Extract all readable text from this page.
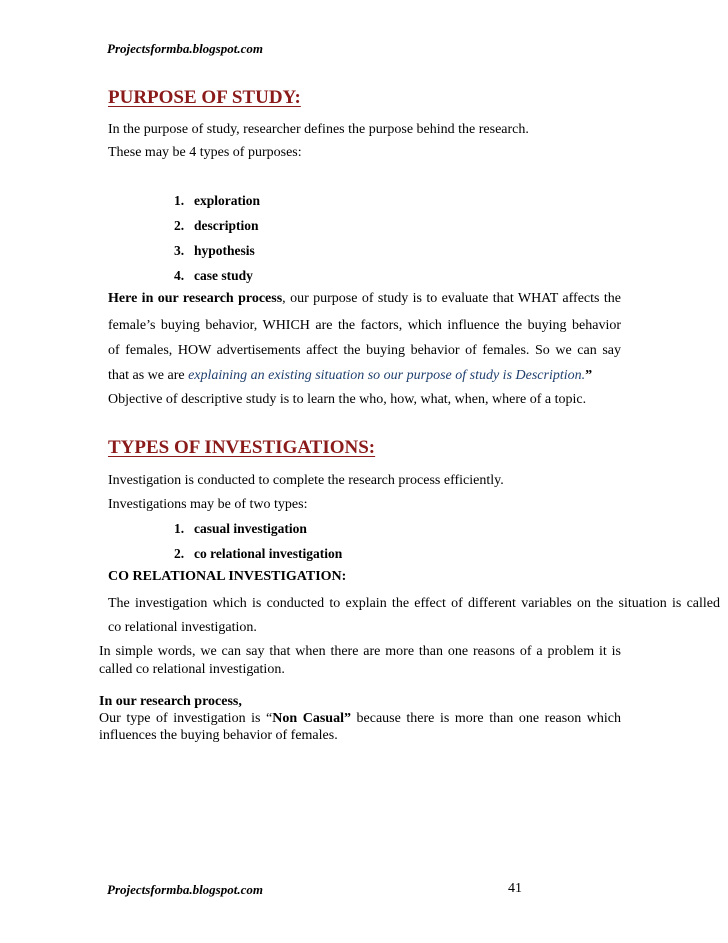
Projectsformba.blogspot.com
PURPOSE OF STUDY:
In the purpose of study, researcher defines the purpose behind the research.
These may be 4 types of purposes:
1. exploration
2. description
3. hypothesis
4. case study
Here in our research process, our purpose of study is to evaluate that WHAT affects the
female’s buying behavior, WHICH are the factors, which influence the buying behavior
of females, HOW advertisements affect the buying behavior of females. So we can say
that as we are explaining an existing situation so our purpose of study is Description.”
Objective of descriptive study is to learn the who, how, what, when, where of a topic.
TYPES OF INVESTIGATIONS:
Investigation is conducted to complete the research process efficiently.
Investigations may be of two types:
1. casual investigation
2. co relational investigation
CO RELATIONAL INVESTIGATION:
The investigation which is conducted to explain the effect of different variables on the situation is called
co relational investigation.
In simple words, we can say that when there are more than one reasons of a problem it is
called co relational investigation.
In our research process,
Our type of investigation is “Non Casual” because there is more than one reason which
influences the buying behavior of females.
Projectsformba.blogspot.com	41
